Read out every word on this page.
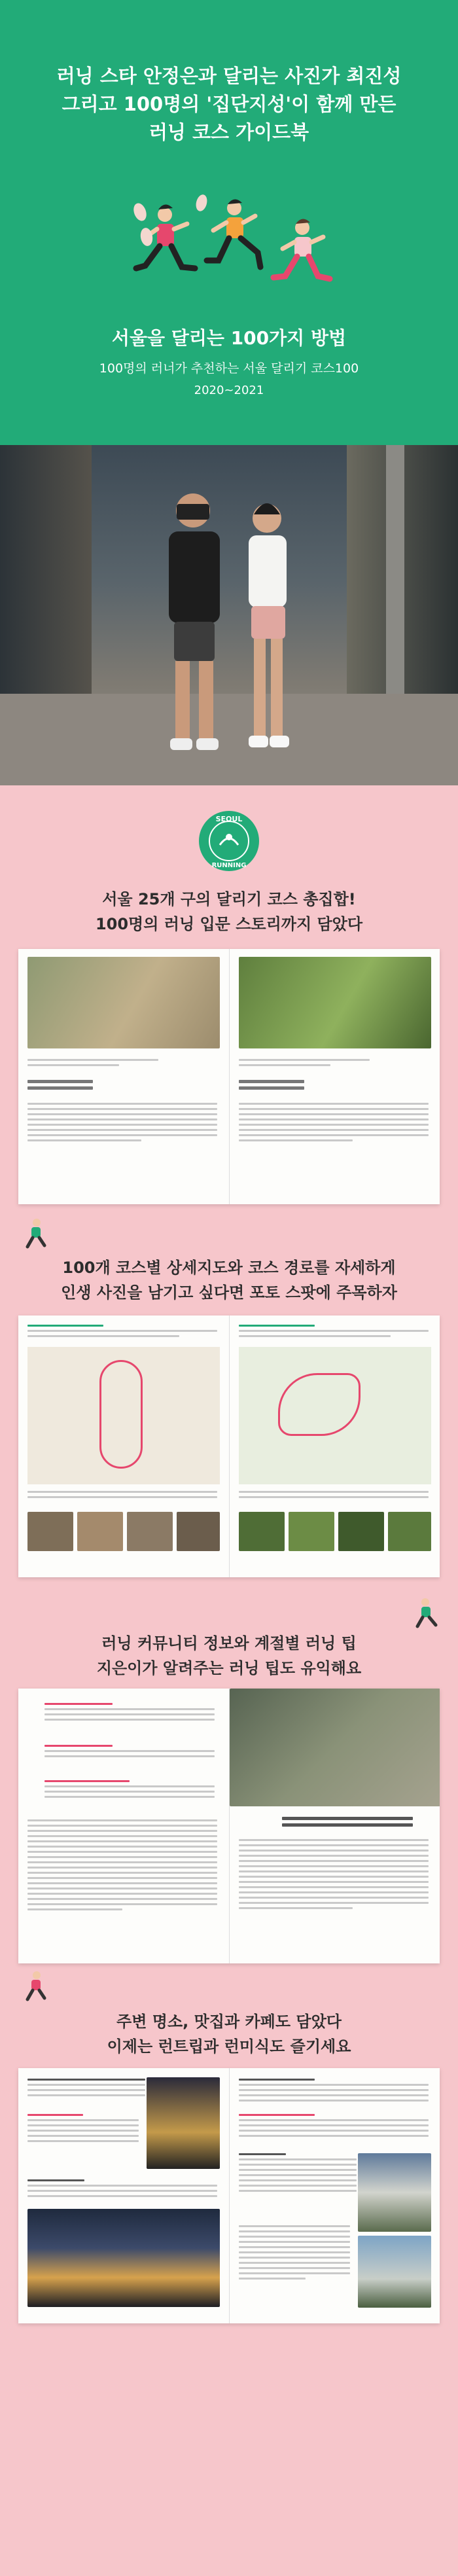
러닝 스타 안정은과 달리는 사진가 최진성
그리고 100명의 '집단지성'이 함께 만든
러닝 코스 가이드북
서울을 달리는 100가지 방법
100명의 러너가 추천하는 서울 달리기 코스100
2020~2021
SEOUL
RUNNING
서울 25개 구의 달리기 코스 총집합!
100명의 러닝 입문 스토리까지 담았다
100개 코스별 상세지도와 코스 경로를 자세하게
인생 사진을 남기고 싶다면 포토 스팟에 주목하자
러닝 커뮤니티 정보와 계절별 러닝 팁
지은이가 알려주는 러닝 팁도 유익해요
주변 명소, 맛집과 카페도 담았다
이제는 런트립과 런미식도 즐기세요
